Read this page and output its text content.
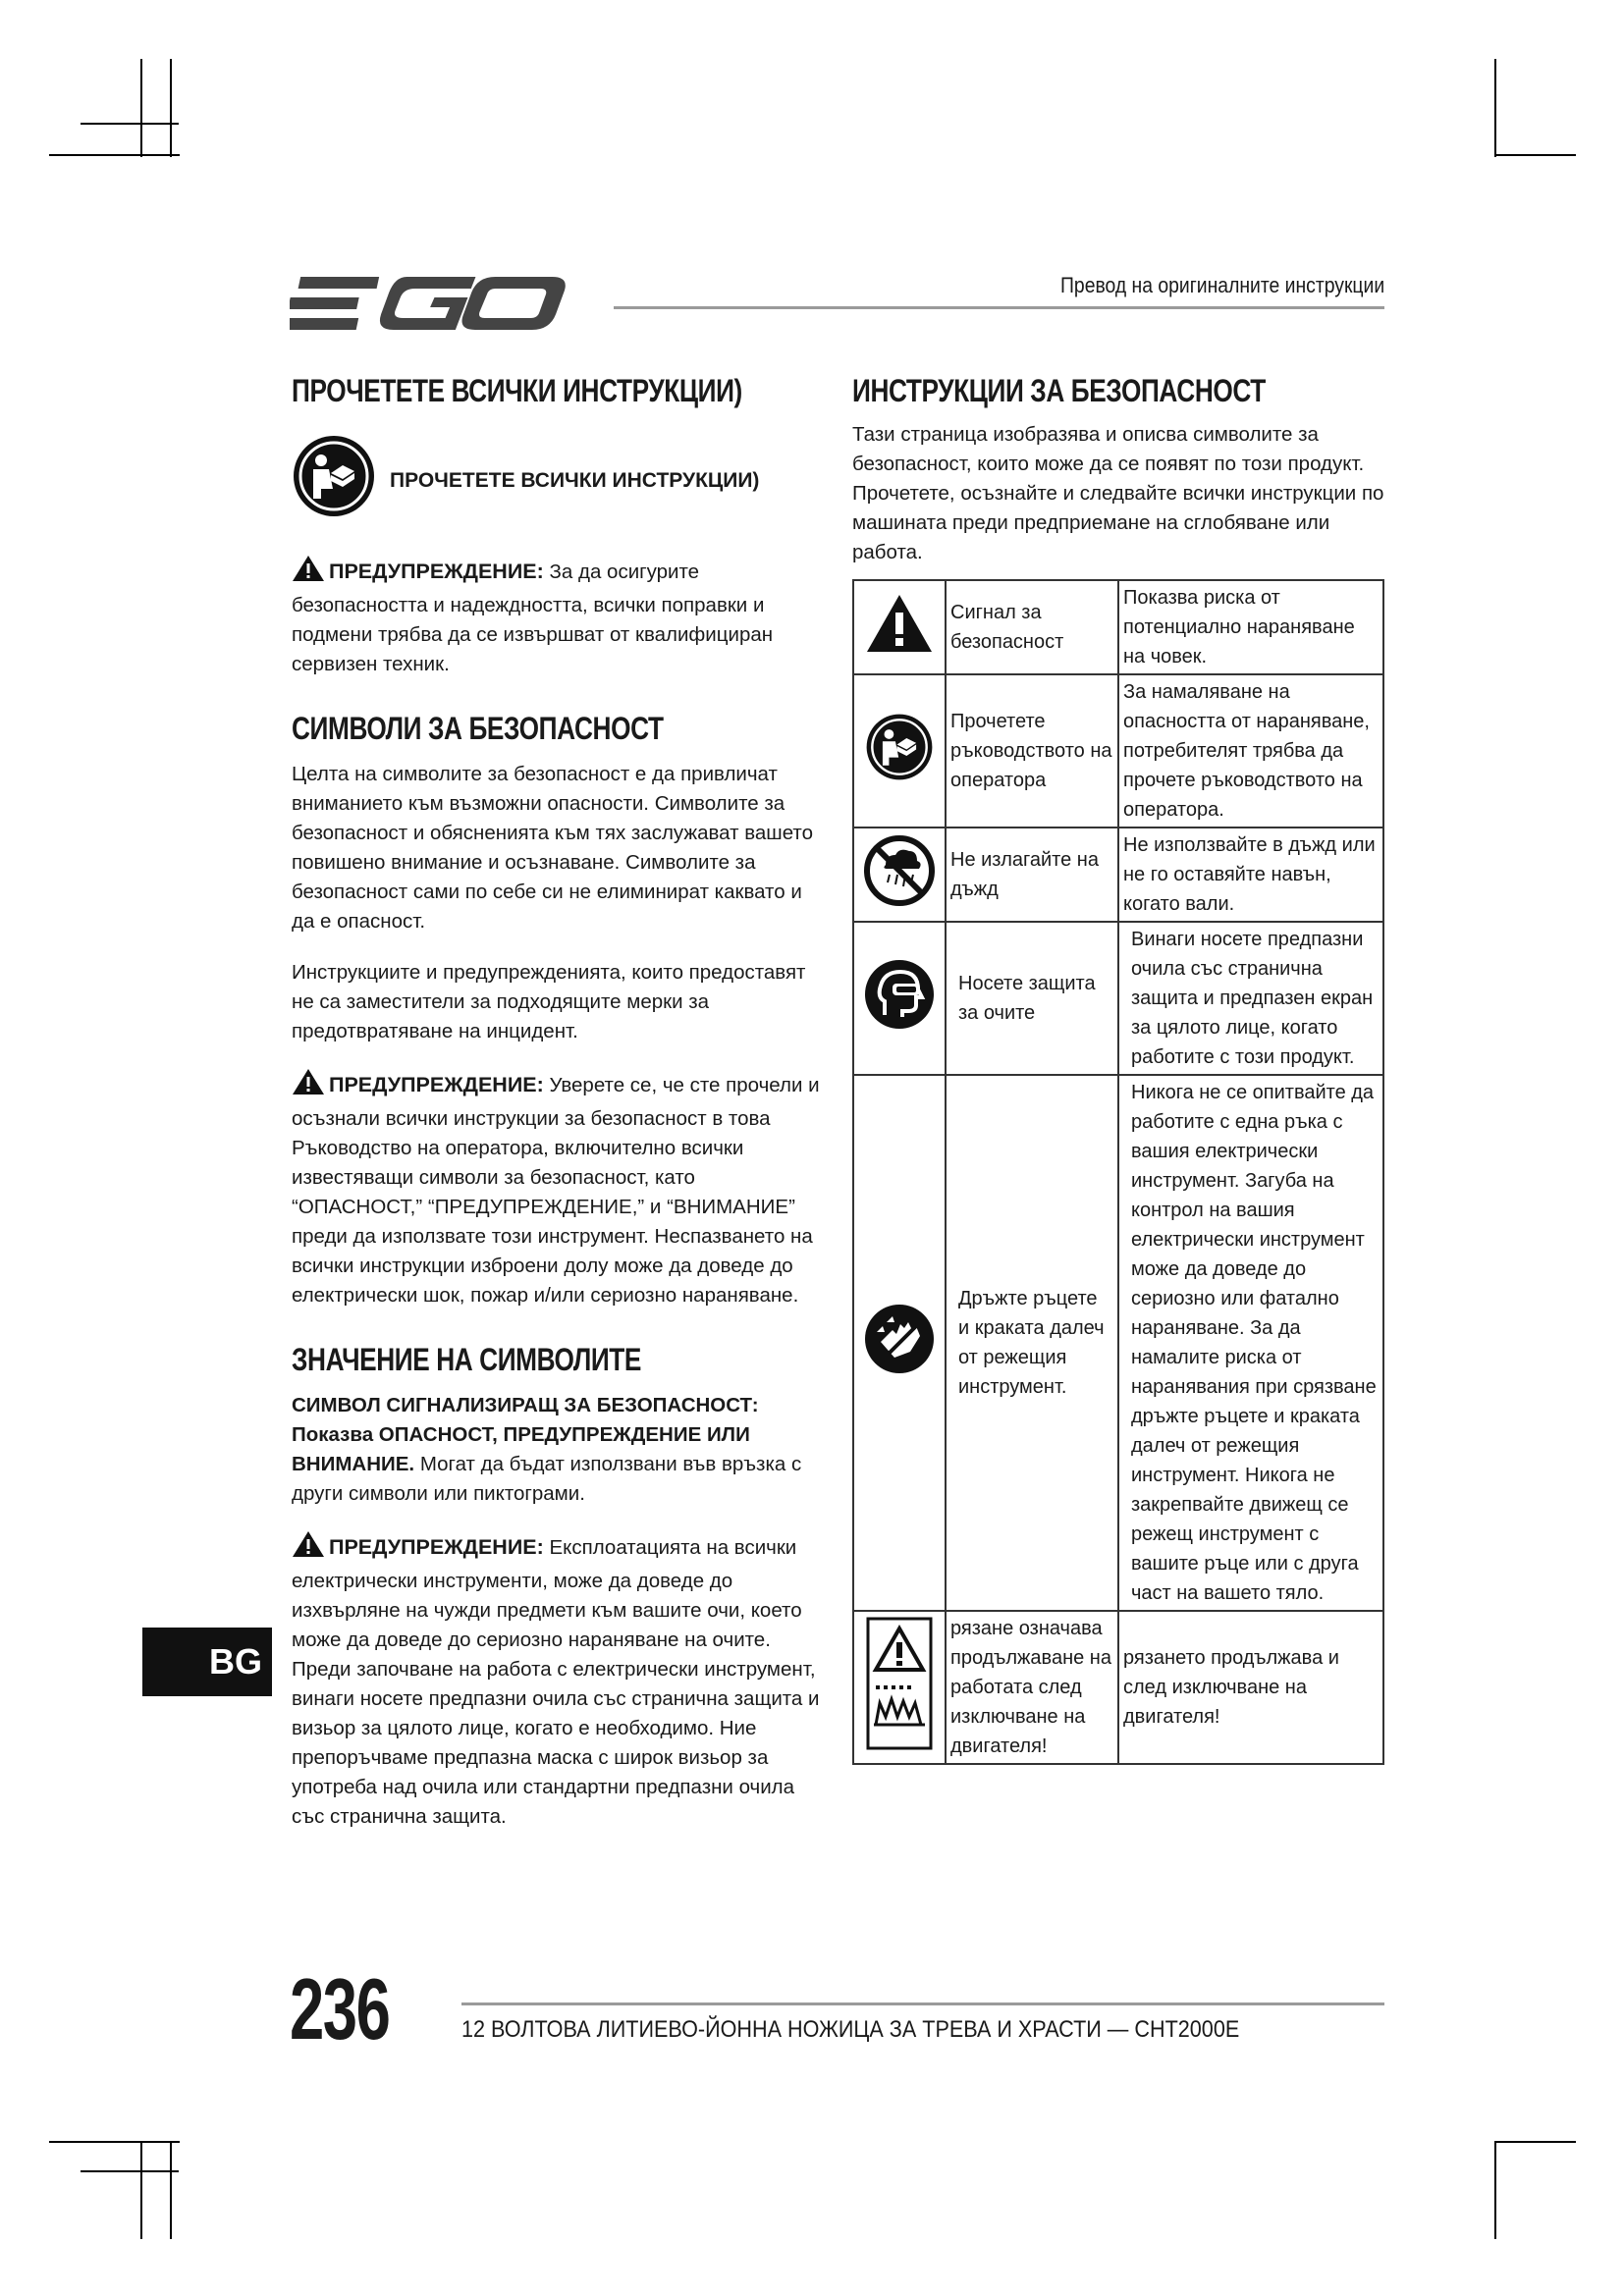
Превод на оригиналните инструкции
ПРОЧЕТЕТЕ ВСИЧКИ ИНСТРУКЦИИ)
ПРОЧЕТЕТЕ ВСИЧКИ ИНСТРУКЦИИ)

ПРЕДУПРЕЖДЕНИЕ: За да осигурите безопасността и надеждността, всички поправки и подмени трябва да се извършват от квалифициран сервизен техник.

СИМВОЛИ ЗА БЕЗОПАСНОСТ

Целта на символите за безопасност е да привличат вниманието към възможни опасности. Символите за безопасност и обясненията към тях заслужават вашето повишено внимание и осъзнаване. Символите за безопасност сами по себе си не елиминират каквато и да е опасност.

Инструкциите и предупрежденията, които предоставят не са заместители за подходящите мерки за предотвратяване на инцидент.

ПРЕДУПРЕЖДЕНИЕ: Уверете се, че сте прочели и осъзнали всички инструкции за безопасност в това Ръководство на оператора, включително всички известяващи символи за безопасност, като “ОПАСНОСТ,” “ПРЕДУПРЕЖДЕНИЕ,” и “ВНИМАНИЕ” преди да използвате този инструмент. Неспазването на всички инструкции изброени долу може да доведе до електрически шок, пожар и/или сериозно нараняване.

ЗНАЧЕНИЕ НА СИМВОЛИТЕ

СИМВОЛ СИГНАЛИЗИРАЩ ЗА БЕЗОПАСНОСТ: Показва ОПАСНОСТ, ПРЕДУПРЕЖДЕНИЕ ИЛИ ВНИМАНИЕ. Могат да бъдат използвани във връзка с други символи или пиктограми.

ПРЕДУПРЕЖДЕНИЕ: Експлоатацията на всички електрически инструменти, може да доведе до изхвърляне на чужди предмети към вашите очи, което може да доведе до сериозно нараняване на очите. Преди започване на работа с електрически инструмент, винаги носете предпазни очила със странична защита и визьор за цялото лице, когато е необходимо. Ние препоръчваме предпазна маска с широк визьор за употреба над очила или стандартни предпазни очила със странична защита.

ИНСТРУКЦИИ ЗА БЕЗОПАСНОСТ

Тази страница изобразява и описва символите за безопасност, които може да се появят по този продукт. Прочетете, осъзнайте и следвайте всички инструкции по машината преди предприемане на сглобяване или работа.

	Сигнал за безопасност	Показва риска от потенциално нараняване на човек.
	Прочетете ръководството на оператора	За намаляване на опасността от нараняване, потребителят трябва да прочете ръководството на оператора.
	Не излагайте на дъжд	Не използвайте в дъжд или не го оставяйте навън, когато вали.
	Носете защита за очите	Винаги носете предпазни очила със странична защита и предпазен екран за цялото лице, когато работите с този продукт.
	Дръжте ръцете и краката далеч от режещия инструмент.	Никога не се опитвайте да работите с една ръка с вашия електрически инструмент. Загуба на контрол на вашия електрически инструмент може да доведе до сериозно или фатално нараняване. За да намалите риска от наранявания при срязване дръжте ръцете и краката далеч от режещия инструмент. Никога не закрепвайте движещ се режещ инструмент с вашите ръце или с друга част на вашето тяло.
	рязане означава продължаване на работата след изключване на двигателя!	рязането продължава и след изключване на двигателя!
BG
236	12 ВОЛТОВА ЛИТИЕВО-ЙОННА НОЖИЦА ЗА ТРЕВА И ХРАСТИ — CHT2000E
